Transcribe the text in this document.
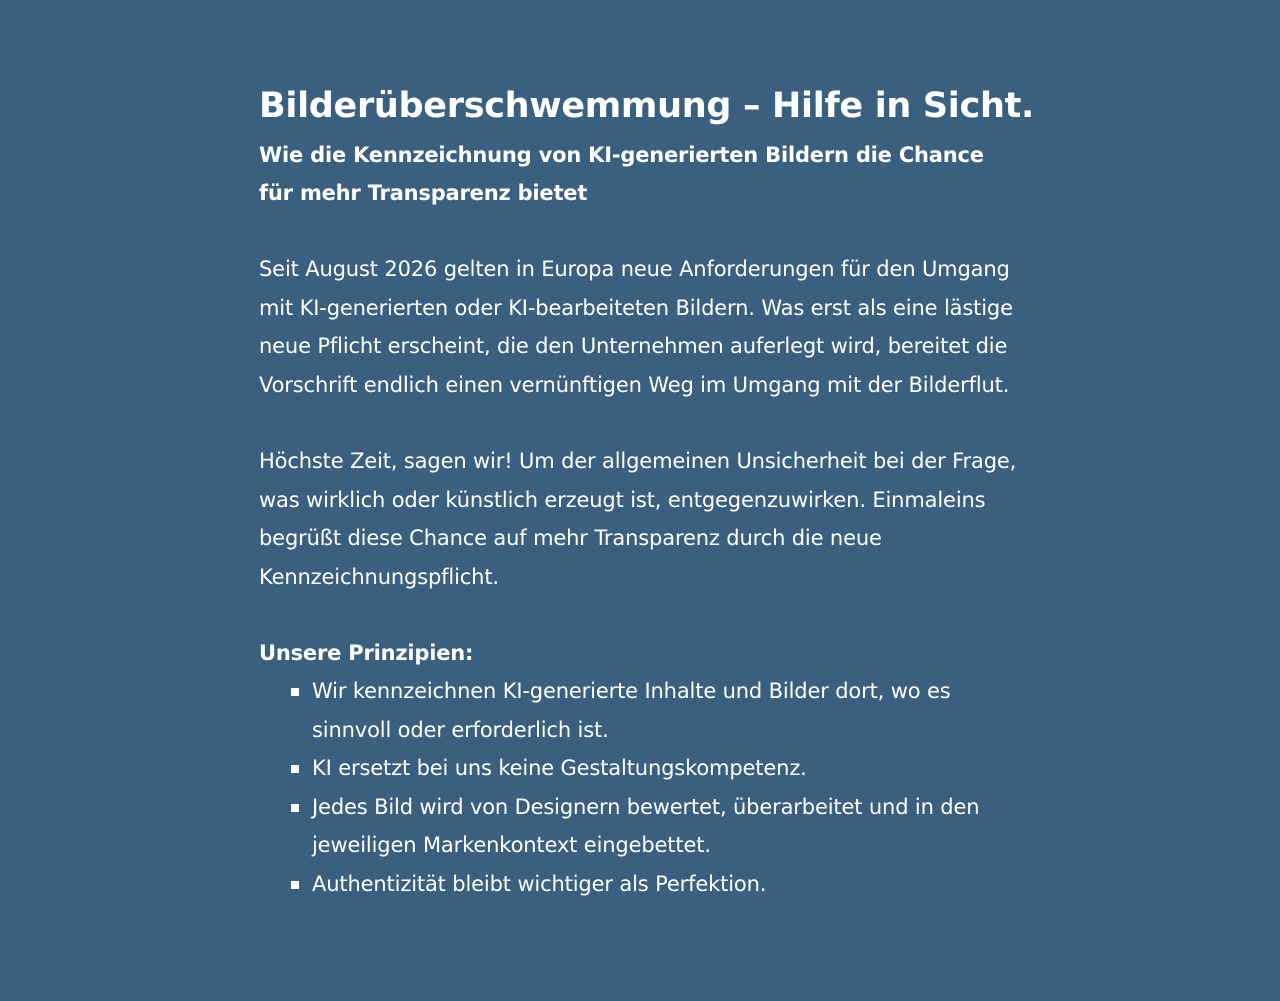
Bilderüberschwemmung – Hilfe in Sicht.
Wie die Kennzeichnung von KI-generierten Bildern die Chance für mehr Transparenz bietet

Seit August 2026 gelten in Europa neue Anforderungen für den Umgang mit KI-generierten oder KI-bearbeiteten Bildern. Was erst als eine lästige neue Pflicht erscheint, die den Unternehmen auferlegt wird, bereitet die Vorschrift endlich einen vernünftigen Weg im Umgang mit der Bilderflut.

Höchste Zeit, sagen wir! Um der allgemeinen Unsicherheit bei der Frage, was wirklich oder künstlich erzeugt ist, entgegenzuwirken. Einmaleins begrüßt diese Chance auf mehr Transparenz durch die neue Kennzeichnungspflicht.

Unsere Prinzipien:
Wir kennzeichnen KI-generierte Inhalte und Bilder dort, wo es sinnvoll oder erforderlich ist.
KI ersetzt bei uns keine Gestaltungskompetenz.
Jedes Bild wird von Designern bewertet, überarbeitet und in den jeweiligen Markenkontext eingebettet.
Authentizität bleibt wichtiger als Perfektion.
